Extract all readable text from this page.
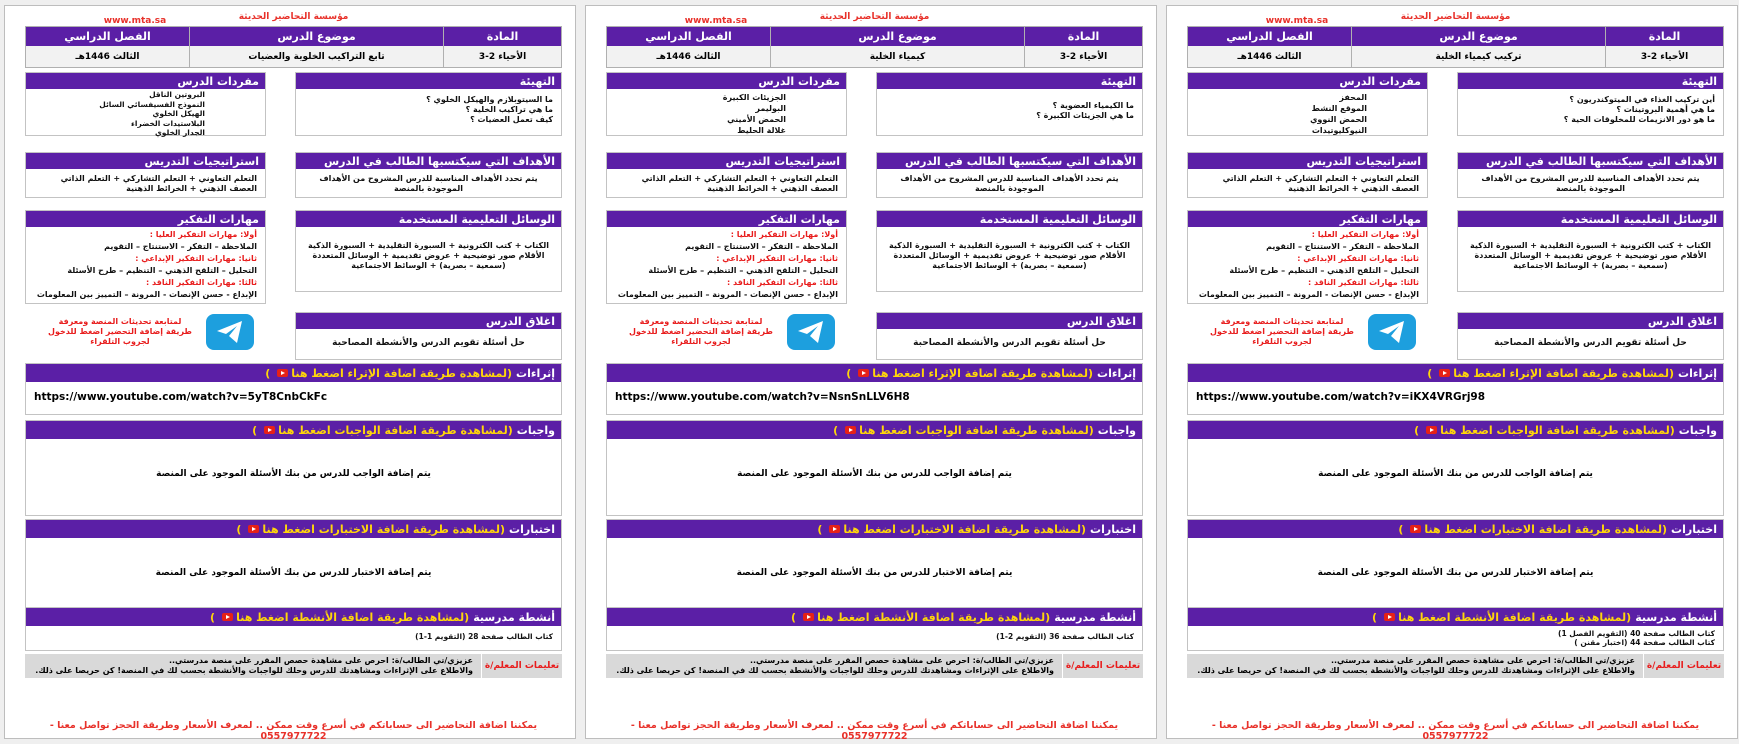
مؤسسة التحاضير الحديثة
www.mta.sa
المادة
الأحياء 2-3
موضوع الدرس
تركيب كيمياء الخلية
الفصل الدراسي
الثالث 1446هـ
التهيئة
أين تركيب الغذاء في الميتوكندريون ؟
ما هي أهمية البروتينات ؟
ما هو دور الانزيمات للمخلوقات الحية ؟
مفردات الدرس
المحفز
الموقع النشط
الحمض النووي
النيوكليوتيدات
الأهداف التي سيكتسبها الطالب في الدرس
يتم تحدد الأهداف المناسبة للدرس المشروح من الأهداف الموجودة بالمنصة
استراتيجيات التدريس
التعلم التعاوني + التعلم التشاركي + التعلم الذاتي العصف الذهني + الخرائط الذهنية
الوسائل التعليمية المستخدمة
الكتاب + كتب الكترونية + السبورة التقليدية + السبورة الذكية الأقلام صور توضيحية + عروض تقديمية + الوسائل المتعددة (سمعية – بصرية) + الوسائط الاجتماعية
مهارات التفكير
أولا: مهارات التفكير العليا :
الملاحظة – التفكر – الاستنتاج – التقويم
ثانيا: مهارات التفكير الإبداعي :
التحليل – التلقح الذهني – التنظيم – طرح الأسئلة
ثالثا: مهارات التفكير الناقد :
الإبداع - حسن الإنصات - المرونة – التمييز بين المعلومات
اغلاق الدرس
حل أسئلة تقويم الدرس والأنشطة المصاحبة
لمتابعة تحديثات المنصة ومعرفة طريقة إضافة التحضير اضغط للدخول لجروب التلقراء
إثراءات
(لمشاهدة طريقة اضافة الإثراء اضغط هنا
)
https://www.youtube.com/watch?v=iKX4VRGrj98
واجبات
(لمشاهدة طريقة اضافة الواجبات اضغط هنا
)
يتم إضافة الواجب للدرس من بنك الأسئلة الموجود على المنصة
اختبارات
(لمشاهدة طريقة اضافة الاختبارات اضغط هنا
)
يتم إضافة الاختبار للدرس من بنك الأسئلة الموجود على المنصة
أنشطة مدرسية
(لمشاهدة طريقة اضافة الأنشطة اضغط هنا
)
كتاب الطالب صفحة 40 (التقويم الفصل 1)
كتاب الطالب صفحة 44 (اختبار مقنن )
تعليمات المعلم/ة
عزيزي/تي الطالب/ة: احرص على مشاهدة حصص المقرر على منصة مدرستي..
والاطلاع على الإثراءات ومشاهدتك للدرس وحلك للواجبات والأنشطة بحسب لك في المنصة! كن حريصا على ذلك.
يمكننا اضافة التحاضير الى حساباتكم في أسرع وقت ممكن .. لمعرف الأسعار وطريقة الحجز تواصل معنا - 0557977722
مؤسسة التحاضير الحديثة
www.mta.sa
المادة
الأحياء 2-3
موضوع الدرس
كيمياء الخلية
الفصل الدراسي
الثالث 1446هـ
التهيئة
ما الكيمياء العضوية ؟
ما هي الجزيئات الكبيرة ؟
مفردات الدرس
الجزيئات الكبيرة
البوليمر
الحمض الأميني
غلالة الحليط
الأهداف التي سيكتسبها الطالب في الدرس
يتم تحدد الأهداف المناسبة للدرس المشروح من الأهداف الموجودة بالمنصة
استراتيجيات التدريس
التعلم التعاوني + التعلم التشاركي + التعلم الذاتي العصف الذهني + الخرائط الذهنية
الوسائل التعليمية المستخدمة
الكتاب + كتب الكترونية + السبورة التقليدية + السبورة الذكية الأقلام صور توضيحية + عروض تقديمية + الوسائل المتعددة (سمعية – بصرية) + الوسائط الاجتماعية
مهارات التفكير
أولا: مهارات التفكير العليا :
الملاحظة – التفكر – الاستنتاج – التقويم
ثانيا: مهارات التفكير الإبداعي :
التحليل – التلقح الذهني – التنظيم – طرح الأسئلة
ثالثا: مهارات التفكير الناقد :
الإبداع - حسن الإنصات - المرونة – التمييز بين المعلومات
اغلاق الدرس
حل أسئلة تقويم الدرس والأنشطة المصاحبة
لمتابعة تحديثات المنصة ومعرفة طريقة إضافة التحضير اضغط للدخول لجروب التلقراء
إثراءات
(لمشاهدة طريقة اضافة الإثراء اضغط هنا
)
https://www.youtube.com/watch?v=NsnSnLLV6H8
واجبات
(لمشاهدة طريقة اضافة الواجبات اضغط هنا
)
يتم إضافة الواجب للدرس من بنك الأسئلة الموجود على المنصة
اختبارات
(لمشاهدة طريقة اضافة الاختبارات اضغط هنا
)
يتم إضافة الاختبار للدرس من بنك الأسئلة الموجود على المنصة
أنشطة مدرسية
(لمشاهدة طريقة اضافة الأنشطة اضغط هنا
)
كتاب الطالب صفحة 36 (التقويم 2-1)
تعليمات المعلم/ة
عزيزي/تي الطالب/ة: احرص على مشاهدة حصص المقرر على منصة مدرستي..
والاطلاع على الإثراءات ومشاهدتك للدرس وحلك للواجبات والأنشطة بحسب لك في المنصة! كن حريصا على ذلك.
يمكننا اضافة التحاضير الى حساباتكم في أسرع وقت ممكن .. لمعرف الأسعار وطريقة الحجز تواصل معنا - 0557977722
مؤسسة التحاضير الحديثة
www.mta.sa
المادة
الأحياء 2-3
موضوع الدرس
تابع التراكيب الخلوية والعضيات
الفصل الدراسي
الثالث 1446هـ
التهيئة
ما السيتوبلازم والهيكل الخلوي ؟
ما هي تراكيب الخلية ؟
كيف تعمل العضيات ؟
مفردات الدرس
البروتين الناقل
النموذج الفسيفسائي السائل
الهيكل الخلوي
البلاستيدات الخضراء
الجدار الخلوي
الأهداف التي سيكتسبها الطالب في الدرس
يتم تحدد الأهداف المناسبة للدرس المشروح من الأهداف الموجودة بالمنصة
استراتيجيات التدريس
التعلم التعاوني + التعلم التشاركي + التعلم الذاتي العصف الذهني + الخرائط الذهنية
الوسائل التعليمية المستخدمة
الكتاب + كتب الكترونية + السبورة التقليدية + السبورة الذكية الأقلام صور توضيحية + عروض تقديمية + الوسائل المتعددة (سمعية – بصرية) + الوسائط الاجتماعية
مهارات التفكير
أولا: مهارات التفكير العليا :
الملاحظة – التفكر – الاستنتاج – التقويم
ثانيا: مهارات التفكير الإبداعي :
التحليل – التلقح الذهني – التنظيم – طرح الأسئلة
ثالثا: مهارات التفكير الناقد :
الإبداع - حسن الإنصات - المرونة – التمييز بين المعلومات
اغلاق الدرس
حل أسئلة تقويم الدرس والأنشطة المصاحبة
لمتابعة تحديثات المنصة ومعرفة طريقة إضافة التحضير اضغط للدخول لجروب التلقراء
إثراءات
(لمشاهدة طريقة اضافة الإثراء اضغط هنا
)
https://www.youtube.com/watch?v=5yT8CnbCkFc
واجبات
(لمشاهدة طريقة اضافة الواجبات اضغط هنا
)
يتم إضافة الواجب للدرس من بنك الأسئلة الموجود على المنصة
اختبارات
(لمشاهدة طريقة اضافة الاختبارات اضغط هنا
)
يتم إضافة الاختبار للدرس من بنك الأسئلة الموجود على المنصة
أنشطة مدرسية
(لمشاهدة طريقة اضافة الأنشطة اضغط هنا
)
كتاب الطالب صفحة 28 (التقويم 1-1)
تعليمات المعلم/ة
عزيزي/تي الطالب/ة: احرص على مشاهدة حصص المقرر على منصة مدرستي..
والاطلاع على الإثراءات ومشاهدتك للدرس وحلك للواجبات والأنشطة بحسب لك في المنصة! كن حريصا على ذلك.
يمكننا اضافة التحاضير الى حساباتكم في أسرع وقت ممكن .. لمعرف الأسعار وطريقة الحجز تواصل معنا - 0557977722
